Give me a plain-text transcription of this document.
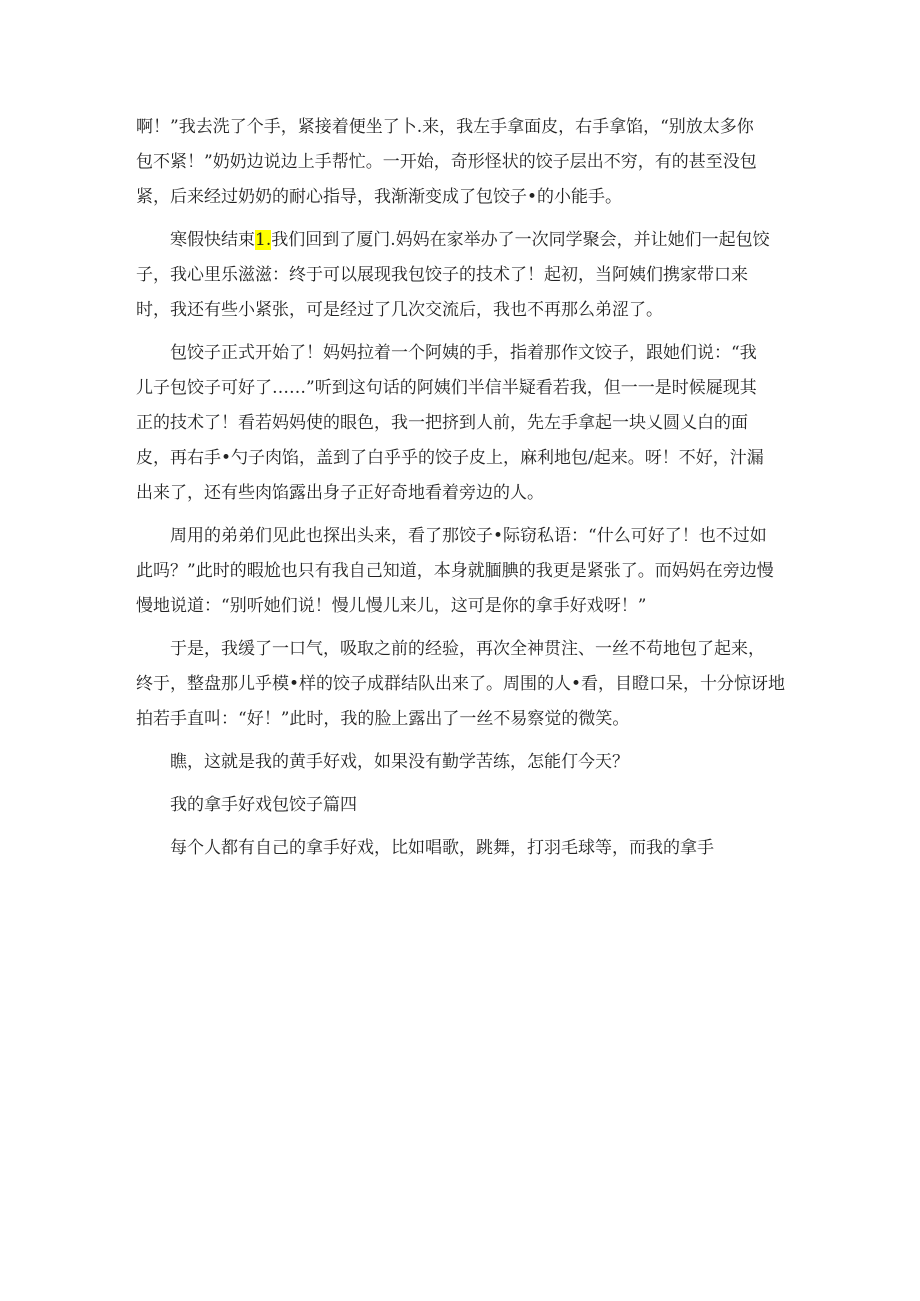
啊！”我去洗了个手，紧接着便坐了卜.来，我左手拿面皮，右手拿馅，“别放太多你
包不紧！”奶奶边说边上手帮忙。一开始，奇形怪状的饺子层出不穷，有的甚至没包
紧，后来经过奶奶的耐心指导，我渐渐变成了包饺子•的小能手。

寒假快结束1.我们回到了厦门.妈妈在家举办了一次同学聚会，并让她们一起包饺
子，我心里乐滋滋：终于可以展现我包饺子的技术了！起初，当阿姨们携家带口来
时，我还有些小紧张，可是经过了几次交流后，我也不再那么弟涩了。

包饺子正式开始了！妈妈拉着一个阿姨的手，指着那作文饺子，跟她们说：“我
儿子包饺子可好了……”听到这句话的阿姨们半信半疑看若我，但一一是时候屣现其
正的技术了！看若妈妈使的眼色，我一把挤到人前，先左手拿起一块乂圆乂白的面
皮，再右手•勺子肉馅，盖到了白乎乎的饺子皮上，麻利地包/起来。呀！不好，汁漏
出来了，还有些肉馅露出身子正好奇地看着旁边的人。

周用的弟弟们见此也探出头来，看了那饺子•际窃私语：“什么可好了！也不过如
此吗？”此时的暇尬也只有我自己知道，本身就腼腆的我更是紧张了。而妈妈在旁边慢
慢地说道：“别听她们说！慢儿慢儿来儿，这可是你的拿手好戏呀！”

于是，我缓了一口气，吸取之前的经验，再次全神贯注、一丝不苟地包了起来，
终于，整盘那儿乎模•样的饺子成群结队出来了。周围的人•看，目瞪口呆，十分惊讶地
拍若手直叫：“好！”此时，我的脸上露出了一丝不易察觉的微笑。

瞧，这就是我的黄手好戏，如果没有勤学苦练，怎能仃今天？

我的拿手好戏包饺子篇四

每个人都有自己的拿手好戏，比如唱歌，跳舞，打羽毛球等，而我的拿手
